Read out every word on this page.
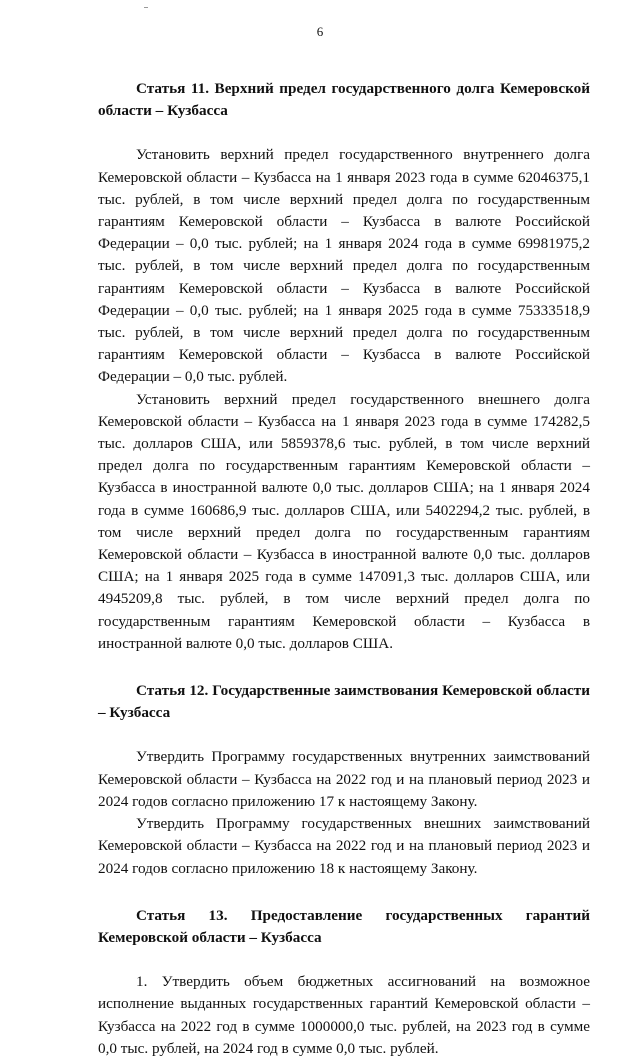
6

Статья 11. Верхний предел государственного долга Кемеровской области – Кузбасса

Установить верхний предел государственного внутреннего долга Кемеровской области – Кузбасса на 1 января 2023 года в сумме 62046375,1 тыс. рублей, в том числе верхний предел долга по государственным гарантиям Кемеровской области – Кузбасса в валюте Российской Федерации – 0,0 тыс. рублей; на 1 января 2024 года в сумме 69981975,2 тыс. рублей, в том числе верхний предел долга по государственным гарантиям Кемеровской области – Кузбасса в валюте Российской Федерации – 0,0 тыс. рублей; на 1 января 2025 года в сумме 75333518,9 тыс. рублей, в том числе верхний предел долга по государственным гарантиям Кемеровской области – Кузбасса в валюте Российской Федерации – 0,0 тыс. рублей.

Установить верхний предел государственного внешнего долга Кемеровской области – Кузбасса на 1 января 2023 года в сумме 174282,5 тыс. долларов США, или 5859378,6 тыс. рублей, в том числе верхний предел долга по государственным гарантиям Кемеровской области – Кузбасса в иностранной валюте 0,0 тыс. долларов США; на 1 января 2024 года в сумме 160686,9 тыс. долларов США, или 5402294,2 тыс. рублей, в том числе верхний предел долга по государственным гарантиям Кемеровской области – Кузбасса в иностранной валюте 0,0 тыс. долларов США; на 1 января 2025 года в сумме 147091,3 тыс. долларов США, или 4945209,8 тыс. рублей, в том числе верхний предел долга по государственным гарантиям Кемеровской области – Кузбасса в иностранной валюте 0,0 тыс. долларов США.

Статья 12. Государственные заимствования Кемеровской области – Кузбасса

Утвердить Программу государственных внутренних заимствований Кемеровской области – Кузбасса на 2022 год и на плановый период 2023 и 2024 годов согласно приложению 17 к настоящему Закону.

Утвердить Программу государственных внешних заимствований Кемеровской области – Кузбасса на 2022 год и на плановый период 2023 и 2024 годов согласно приложению 18 к настоящему Закону.

Статья 13. Предоставление государственных гарантий Кемеровской области – Кузбасса

1. Утвердить объем бюджетных ассигнований на возможное исполнение выданных государственных гарантий Кемеровской области – Кузбасса на 2022 год в сумме 1000000,0 тыс. рублей, на 2023 год в сумме 0,0 тыс. рублей, на 2024 год в сумме 0,0 тыс. рублей.
